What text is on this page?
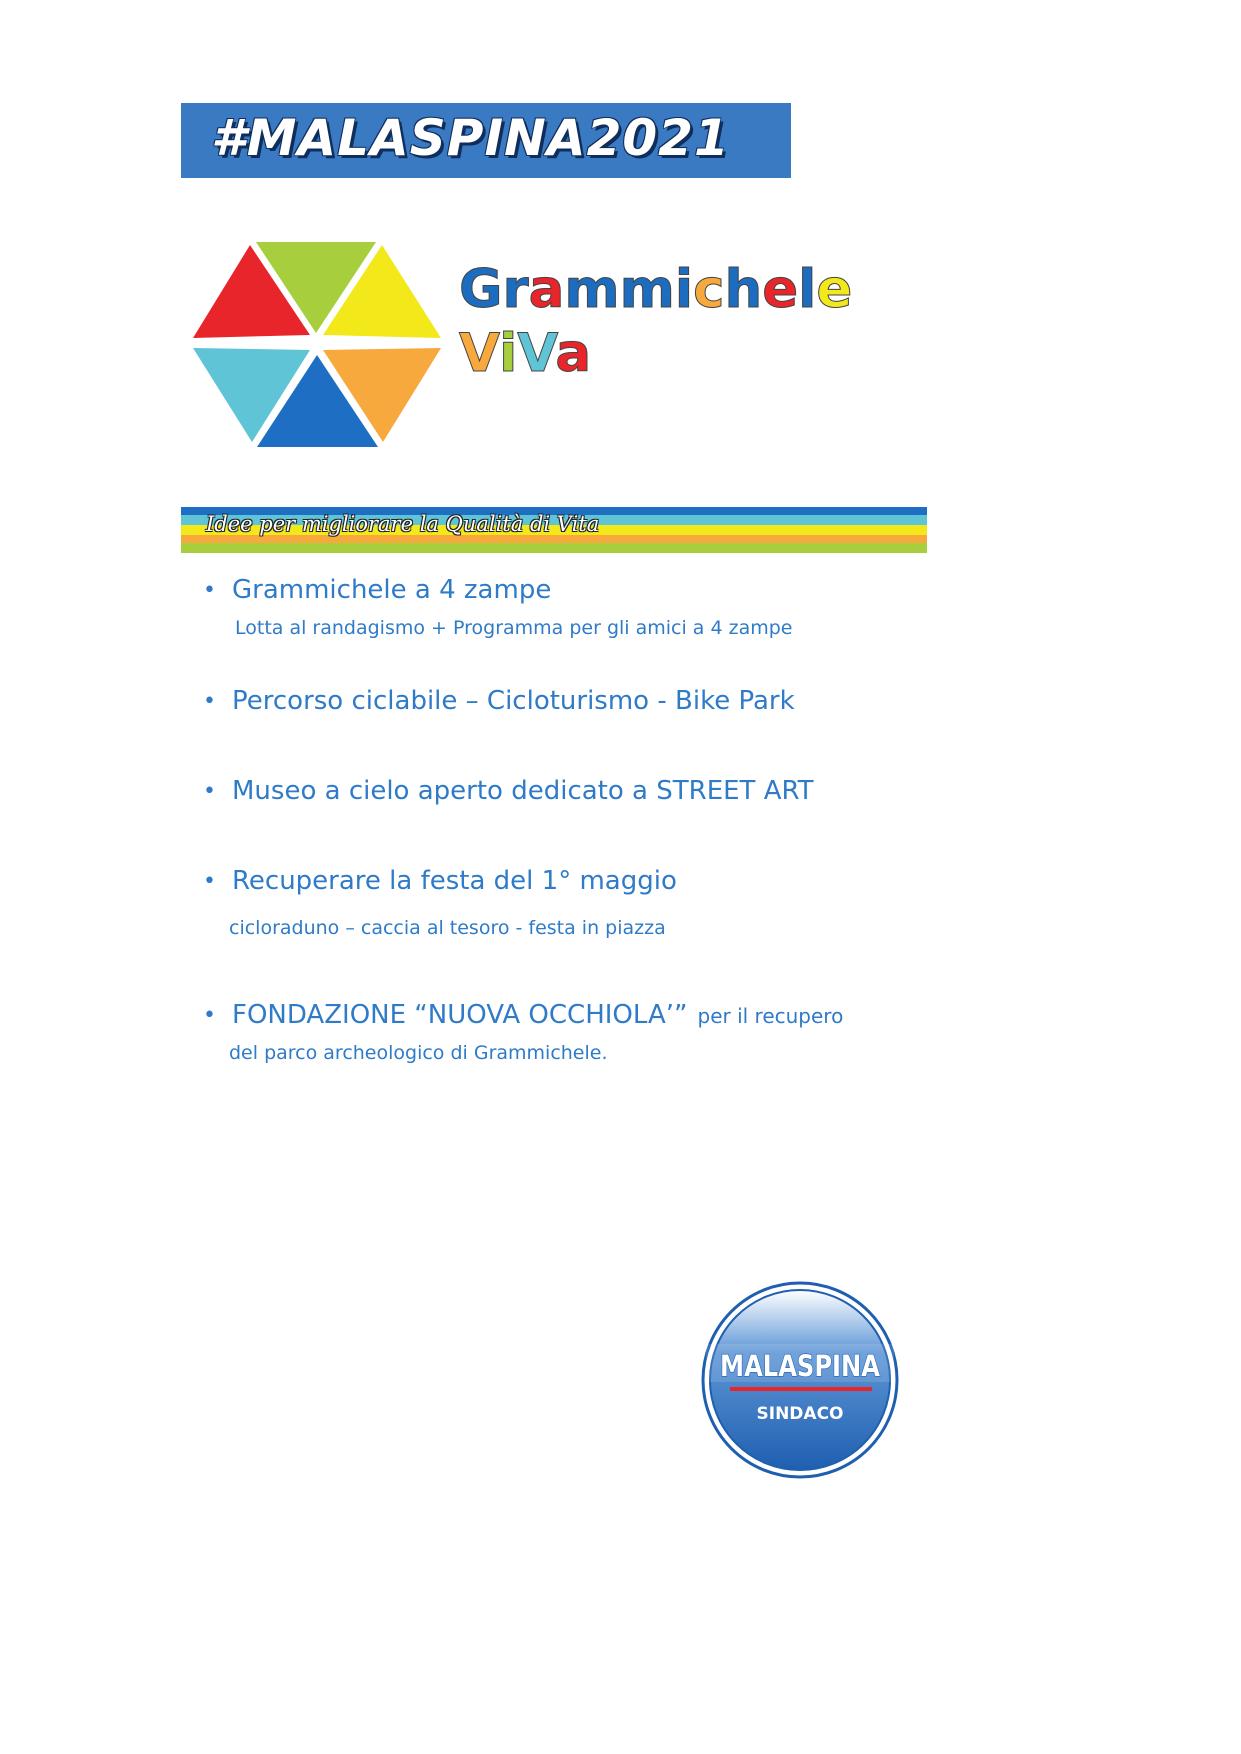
#MALASPINA2021
Grammichele
ViVa
Idee per migliorare la Qualità di Vita
• Grammichele a 4 zampe
Lotta al randagismo + Programma per gli amici a 4 zampe
• Percorso ciclabile – Cicloturismo - Bike Park
• Museo a cielo aperto dedicato a STREET ART
• Recuperare la festa del 1° maggio
cicloraduno – caccia al tesoro - festa in piazza
• FONDAZIONE “NUOVA OCCHIOLA’” per il recupero
del parco archeologico di Grammichele.
MALASPINA
SINDACO
